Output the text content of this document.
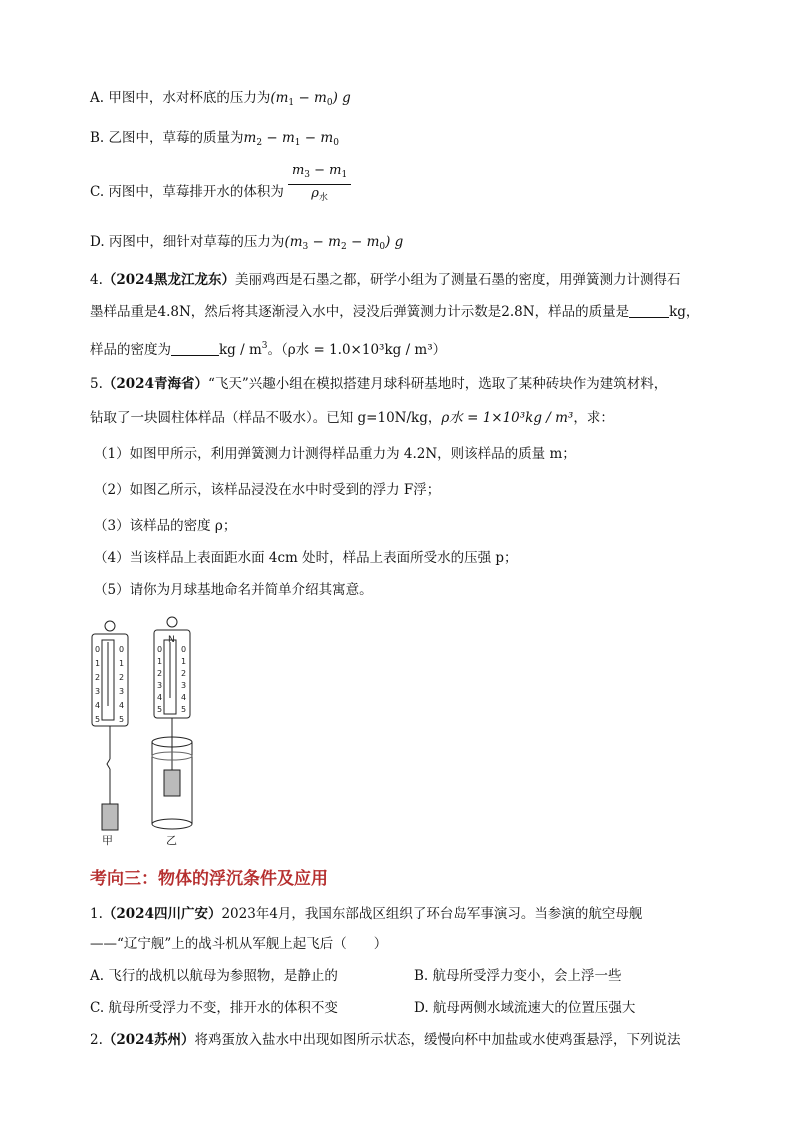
A. 甲图中，水对杯底的压力为$(m_1 - m_0)$ g
B. 乙图中，草莓的质量为$m_2 - m_1 - m_0$
C. 丙图中，草莓排开水的体积为 $\frac{m_3 - m_1}{\rho_水}$
D. 丙图中，细针对草莓的压力为$(m_3 - m_2 - m_0)$ g
4.（2024黑龙江龙东）美丽鸡西是石墨之都，研学小组为了测量石墨的密度，用弹簧测力计测得石
墨样品重是4.8N，然后将其逐渐浸入水中，浸没后弹簧测力计示数是2.8N，样品的质量是	kg，
样品的密度为	kg / $m^3$。（ρ水 = 1.0×10³kg / m³）
5.（2024青海省）“飞天”兴趣小组在模拟搭建月球科研基地时，选取了某种砖块作为建筑材料，
钻取了一块圆柱体样品（样品不吸水）。已知 g=10N/kg，ρ水 = 1×10³kg / m³，求：
（1）如图甲所示，利用弹簧测力计测得样品重力为 4.2N，则该样品的质量 m；
（2）如图乙所示，该样品浸没在水中时受到的浮力 F浮；
（3）该样品的密度 ρ；
（4）当该样品上表面距水面 4cm 处时，样品上表面所受水的压强 p；
（5）请你为月球基地命名并简单介绍其寓意。
0
1
2
3
4
5
0
1
2
3
4
5
甲
N
0
1
2
3
4
5
0
1
2
3
4
5
乙
考向三：物体的浮沉条件及应用
1.（2024四川广安）2023年4月，我国东部战区组织了环台岛军事演习。当参演的航空母舰
——“辽宁舰”上的战斗机从军舰上起飞后（　　）
A. 飞行的战机以航母为参照物，是静止的	B. 航母所受浮力变小，会上浮一些
C. 航母所受浮力不变，排开水的体积不变	D. 航母两侧水域流速大的位置压强大
2.（2024苏州）将鸡蛋放入盐水中出现如图所示状态，缓慢向杯中加盐或水使鸡蛋悬浮，下列说法
